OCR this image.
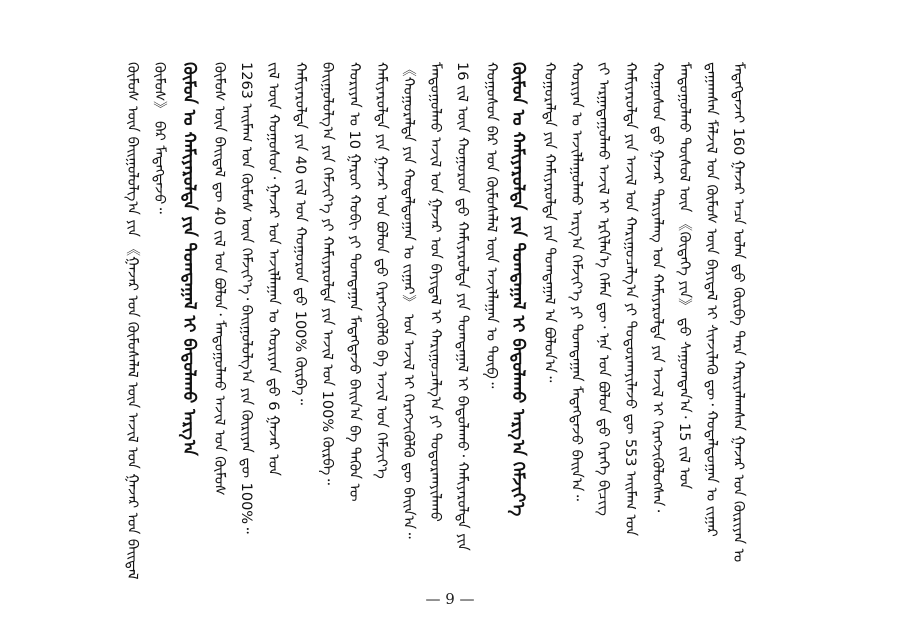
ᠮᠡᠳᠡᠭᠳᠡᠵᠡᠢ 160 ᠭᠠᠵᠠᠷ ᠠᠴᠠ ᠤᠯᠠᠨ ᠳ᠋ᠤ ᠬᠦᠷᠪᠡ ᠲᠡᠷᠡ ᠬᠠᠷᠢᠶᠠᠯᠠᠭᠰᠠᠨ ᠭᠠᠵᠠᠷ ᠤᠨ ᠬᠦᠷᠢᠶᠡᠨ ᠤ
ᠳ᠋ᠠᠭᠠᠭᠰᠠᠨ ᠮᠠᠯᠵᠢᠯ ᠤᠨ ᠬᠦᠮᠦᠰ ᠦᠨ ᠪᠠᠶᠢᠳᠠᠯ ᠢ ᠰᠢᠨᠵᠢᠯᠡᠬᠦ ᠳᠦ᠂ ᠬᠤᠳᠠᠯᠳᠤᠭᠠᠨ ᠤ ᠵᠢᠭᠠᠷ
ᠮᠠᠨᠳᠤᠭᠤᠯᠬᠤ ᠲᠦᠰᠦᠯ ᠦᠨ 《ᠬᠦᠳᠡᠭᠡ ᠶᠢᠨ》 ᠳ᠋ᠤ ᠰᠠᠭᠤᠭᠳᠠᠨ᠎ᠠ᠂ 15 ᠵᠢᠯ ᠤᠨ
ᠬᠤᠭᠤᠰᠤᠨ ᠳ᠋ᠤ ᠭᠠᠵᠠᠷ ᠲᠠᠷᠢᠶᠠᠯᠠᠩ ᠤᠨ ᠬᠠᠮᠢᠶᠠᠷᠤᠯᠲᠠ ᠶᠢᠨ ᠠᠵᠢᠯ ᠢ ᠬᠡᠷᠡᠭᠵᠢᠭᠦᠯᠦᠭᠰᠡᠨ᠂
ᠬᠠᠮᠢᠶᠠᠷᠤᠯᠲᠠ ᠶᠢᠨ ᠠᠵᠢᠯ ᠤᠨ ᠬᠠᠷᠢᠭᠤᠴᠠᠯᠭ᠎ᠠ ᠶᠢ ᠲᠣᠳᠤᠷᠬᠠᠶᠢᠯᠠᠵᠤ ᠳᠦ 553 ᠠᠢᠮᠠᠭ ᠤᠨ
ᠵᠢ ᠠᠷᠭᠠᠳᠠᠭᠤᠯᠬᠤ ᠠᠵᠢᠯ ᠢ ᠡᠷᠬᠢᠯᠡᠨ᠎ᠡ ᠬᠡᠮᠡᠨ ᠳᠦ᠂ ᠡᠨᠡ ᠤᠨ ᠪᠤᠯᠤᠨ ᠳ᠋ᠤ ᠭᠡᠷᠡᠭᠡ ᠪᠢᠴᠢᠭ
ᠬᠤᠷᠢᠶᠠᠨ ᠤ ᠠᠵᠢᠯᠯᠠᠭᠤᠯᠬᠤ ᠠᠷᠭ᠎ᠠ ᠬᠡᠮᠵᠢᠶ᠎ᠡ ᠶᠢ ᠲᠣᠭᠲᠠᠭᠠᠨ ᠮᠡᠳᠡᠭᠳᠡᠵᠦ ᠪᠠᠢᠨ᠎ᠠ᠃
ᠬᠤᠭᠤᠷᠠᠯᠲᠠ ᠶᠢᠨ ᠬᠠᠮᠢᠶᠠᠷᠤᠯᠲᠠ ᠶᠢᠨ ᠲᠣᠭᠲᠠᠭᠠᠯ ᠠ ᠪᠤᠯᠤᠨ᠎ᠠ᠃
ᠬᠦᠮᠦᠨ ᠤ ᠬᠠᠮᠢᠶᠠᠷᠤᠯᠲᠠ ᠶᠢᠨ ᠲᠣᠭᠲᠠᠭᠠᠯ ᠢ ᠪᠠᠲᠤᠯᠠᠬᠤ ᠠᠷᠭ᠎ᠠ ᠬᠡᠮᠵᠢᠶ᠎ᠡ
ᠬᠤᠭᠤᠰᠤᠨ ᠪᠠᠷ ᠤᠨ ᠬᠦᠮᠦᠰᠡᠯᠡᠯ ᠦᠨ ᠠᠵᠢᠯᠯᠠᠭᠠᠨ ᠤ ᠲᠦᠪ᠃
16 ᠵᠢᠯ ᠦᠨ ᠬᠤᠭᠤᠷᠤᠨ ᠳ᠋ᠤ ᠬᠠᠮᠢᠶᠠᠷᠤᠯᠲᠠ ᠶᠢᠨ ᠲᠣᠭᠲᠠᠭᠠᠯ ᠢ ᠪᠠᠲᠤᠯᠠᠬᠤ᠂ ᠬᠠᠮᠢᠶᠠᠷᠤᠯᠲᠠ ᠶᠢᠨ
ᠮᠠᠨᠳᠤᠭᠤᠯᠬᠤ ᠠᠵᠢᠯ ᠤᠨ ᠭᠠᠵᠠᠷ ᠤᠨ ᠪᠠᠶᠢᠳᠠᠯ ᠢ ᠬᠠᠷᠢᠭᠤᠴᠠᠯᠭ᠎ᠠ ᠶᠢ ᠲᠣᠳᠤᠷᠬᠠᠶᠢᠯᠠᠬᠤ
《ᠬᠤᠭᠤᠷᠠᠯᠲᠠ ᠶᠢᠨ ᠬᠤᠳᠠᠯᠳᠤᠭᠠᠨ ᠤ ᠵᠢᠭᠠᠷ》 ᠤᠨ ᠠᠵᠢᠯ ᠢ ᠬᠡᠷᠡᠭᠵᠢᠭᠦᠯᠬᠦ ᠳᠦ ᠪᠠᠢᠨ᠎ᠠ᠃
ᠬᠠᠮᠢᠶᠠᠷᠤᠯᠲᠠ ᠶᠢᠨ ᠭᠠᠵᠠᠷ ᠤᠨ ᠪᠤᠯᠤᠨ ᠳ᠋ᠤ ᠬᠡᠷᠡᠭᠵᠢᠭᠦᠯᠬᠦ ᠪᠠ ᠠᠵᠢᠯ ᠤᠨ ᠬᠡᠮᠵᠢᠶ᠎ᠡ
ᠬᠤᠷᠢᠶᠠᠨ ᠤ 10 ᠭᠠᠷᠤᠢ ᠬᠤᠪᠢ ᠶᠢ ᠲᠣᠭᠲᠠᠭᠠᠨ ᠮᠡᠳᠡᠭᠳᠡᠵᠦ ᠪᠠᠢᠨ᠎ᠠ ᠪᠠ ᠲᠡᠭᠦᠨ ᠦ
ᠪᠠᠢᠭᠤᠯᠤᠯᠭ᠎ᠠ ᠶᠢᠨ ᠬᠡᠮᠵᠢᠶ᠎ᠡ ᠶᠢ ᠬᠠᠮᠢᠶᠠᠷᠤᠯᠲᠠ ᠶᠢᠨ ᠠᠵᠢᠯ ᠤᠨ 100% ᠬᠦᠷᠪᠡ᠃
ᠬᠠᠮᠢᠶᠠᠷᠤᠯᠲᠠ ᠶᠢᠨ 40 ᠵᠢᠯ ᠤᠨ ᠬᠤᠭᠤᠷᠤᠨ ᠳ᠋ᠤ 100% ᠬᠦᠷᠪᠡ᠃
ᠵᠢᠯ ᠦᠨ ᠬᠤᠭᠤᠰᠤᠨ᠂ ᠭᠠᠵᠠᠷ ᠤᠨ ᠠᠵᠢᠯᠯᠠᠭᠠᠨ ᠤ ᠬᠤᠷᠢᠶᠠᠨ ᠳ᠋ᠤ 6 ᠭᠠᠵᠠᠷ ᠤᠨ
1263 ᠠᠢᠮᠠᠭ ᠤᠨ ᠬᠦᠮᠦᠰ ᠦᠨ ᠬᠡᠮᠵᠢᠶ᠎ᠡ᠂ ᠪᠠᠢᠭᠤᠯᠤᠯᠭ᠎ᠠ ᠶᠢᠨ ᠬᠦᠷᠢᠶᠡᠨ ᠳᠦ 100%᠃
ᠬᠦᠮᠦᠰ ᠦᠨ ᠪᠠᠢᠳᠠᠯ ᠳᠦ 40 ᠵᠢᠯ ᠤᠨ ᠪᠤᠯᠤᠨ᠂ ᠮᠠᠨᠳᠤᠭᠤᠯᠬᠤ ᠠᠵᠢᠯ ᠤᠨ ᠬᠦᠮᠦᠰ
ᠬᠦᠮᠦᠨ ᠤ ᠬᠠᠮᠢᠶᠠᠷᠤᠯᠲᠠ ᠶᠢᠨ ᠲᠣᠭᠲᠠᠭᠠᠯ ᠢ ᠪᠠᠲᠤᠯᠠᠬᠤ ᠠᠷᠭ᠎ᠠ
ᠬᠦᠮᠦᠰ》 ᠪᠠᠷ ᠮᠡᠳᠡᠭᠳᠡᠵᠦ᠃
ᠬᠦᠮᠦᠰ ᠦᠨ ᠪᠠᠢᠭᠤᠯᠤᠯᠭ᠎ᠠ ᠶᠢᠨ 《ᠭᠠᠵᠠᠷ ᠤᠨ ᠬᠦᠮᠦᠰᠡᠯᠡᠯ ᠦᠨ ᠠᠵᠢᠯ ᠤᠨ ᠭᠠᠵᠠᠷ ᠤᠨ ᠪᠠᠢᠳᠠᠯ
— 9 —
